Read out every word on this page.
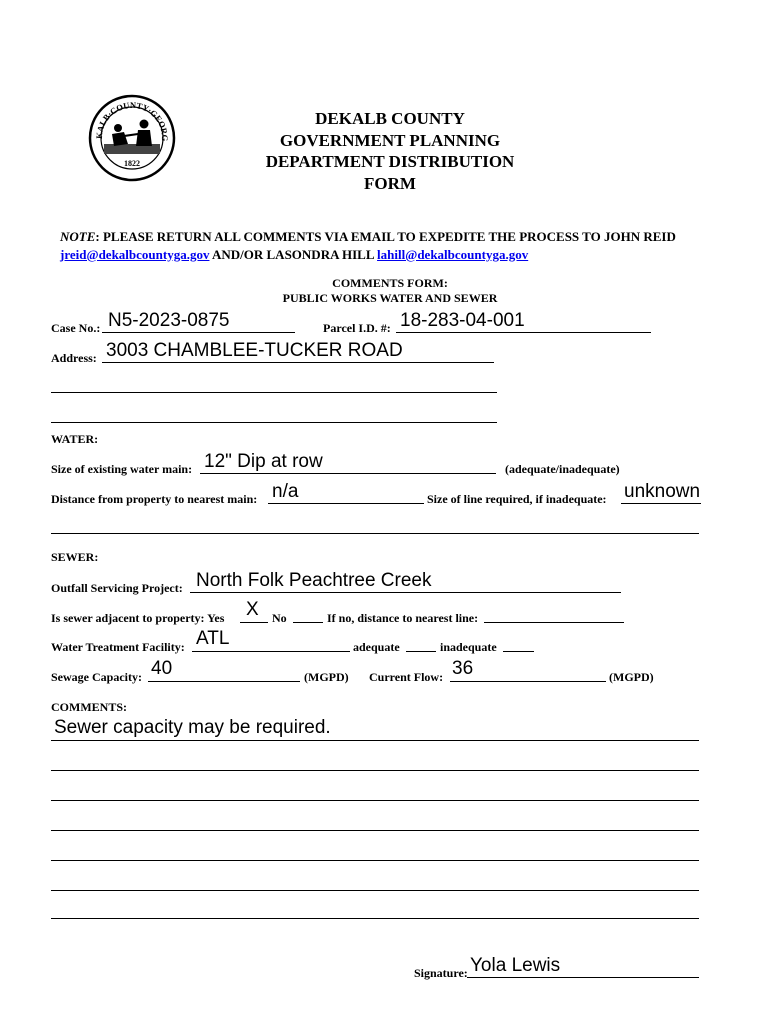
KALB·COUNTY·GEORG
1822
DEKALB COUNTY
GOVERNMENT PLANNING
DEPARTMENT DISTRIBUTION
FORM
NOTE: PLEASE RETURN ALL COMMENTS VIA EMAIL TO EXPEDITE THE PROCESS TO JOHN REID jreid@dekalbcountyga.gov AND/OR LASONDRA HILL lahill@dekalbcountyga.gov
COMMENTS FORM:
PUBLIC WORKS WATER AND SEWER
Case No.: N5-2023-0875	Parcel I.D. #: 18-283-04-001
Address: 3003 CHAMBLEE-TUCKER ROAD
WATER:
Size of existing water main: 12" Dip at row	(adequate/inadequate)
Distance from property to nearest main: n/a	Size of line required, if inadequate: unknown
SEWER:
Outfall Servicing Project: North Folk Peachtree Creek
Is sewer adjacent to property: Yes X No	If no, distance to nearest line:
Water Treatment Facility: ATL	adequate	inadequate
Sewage Capacity: 40	(MGPD) Current Flow: 36	(MGPD)
COMMENTS:
Sewer capacity may be required.
Signature: Yola Lewis
